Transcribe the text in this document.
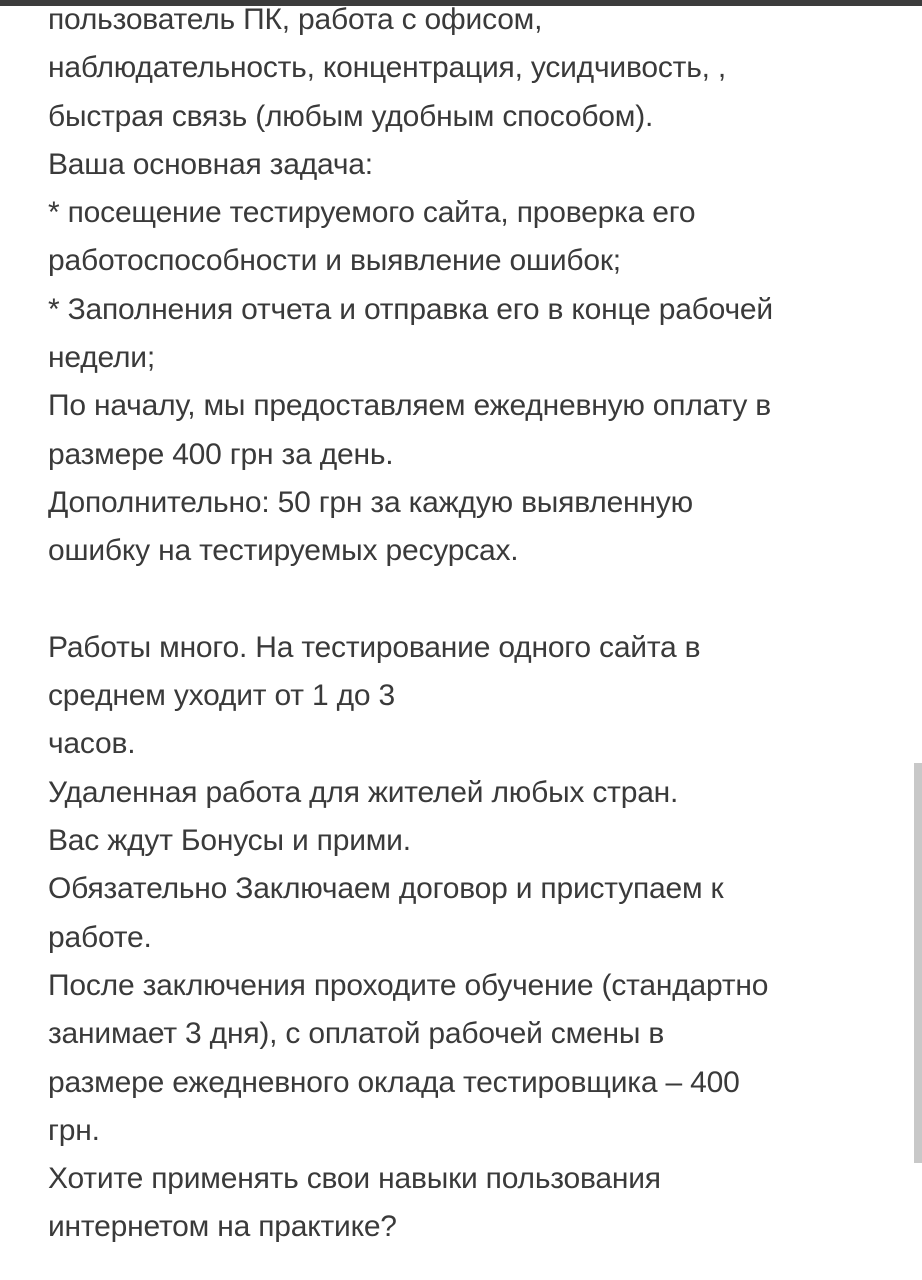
пользователь ПК, работа с офисом,
наблюдательность, концентрация, усидчивость, ,
быстрая связь (любым удобным способом).
Ваша основная задача:
* посещение тестируемого сайта, проверка его
работоспособности и выявление ошибок;
* Заполнения отчета и отправка его в конце рабочей
недели;
По началу, мы предоставляем ежедневную оплату в
размере 400 грн за день.
Дополнительно: 50 грн за каждую выявленную
ошибку на тестируемых ресурсах.
Работы много. На тестирование одного сайта в
среднем уходит от 1 до 3
часов.
Удаленная работа для жителей любых стран.
Вас ждут Бонусы и прими.
Обязательно Заключаем договор и приступаем к
работе.
После заключения проходите обучение (стандартно
занимает 3 дня), с оплатой рабочей смены в
размере ежедневного оклада тестировщика – 400
грн.
Хотите применять свои навыки пользования
интернетом на практике?
